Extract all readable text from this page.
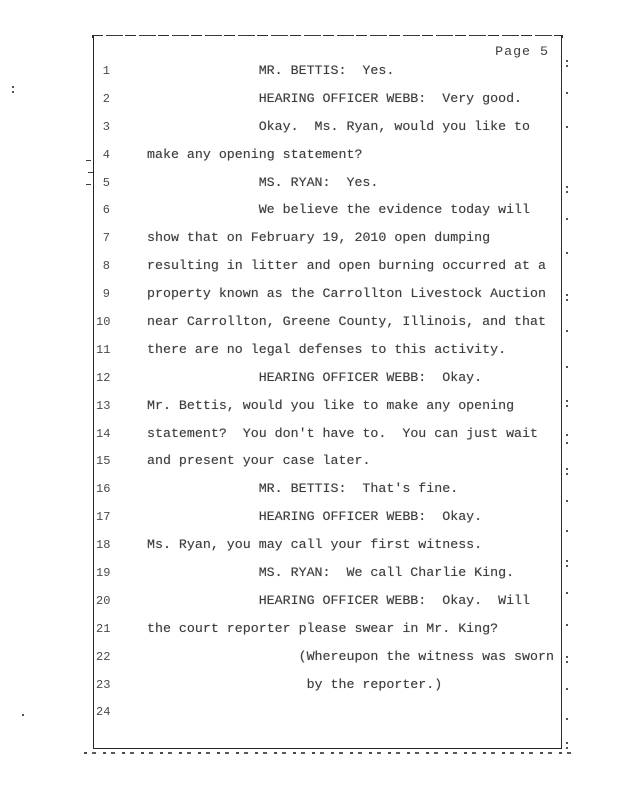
Page 5
1	MR. BETTIS:  Yes.
2	HEARING OFFICER WEBB:  Very good.
3	Okay.  Ms. Ryan, would you like to
4	make any opening statement?
5	MS. RYAN:  Yes.
6	We believe the evidence today will
7	show that on February 19, 2010 open dumping
8	resulting in litter and open burning occurred at a
9	property known as the Carrollton Livestock Auction
10	near Carrollton, Greene County, Illinois, and that
11	there are no legal defenses to this activity.
12	HEARING OFFICER WEBB:  Okay.
13	Mr. Bettis, would you like to make any opening
14	statement?  You don't have to.  You can just wait
15	and present your case later.
16	MR. BETTIS:  That's fine.
17	HEARING OFFICER WEBB:  Okay.
18	Ms. Ryan, you may call your first witness.
19	MS. RYAN:  We call Charlie King.
20	HEARING OFFICER WEBB:  Okay.  Will
21	the court reporter please swear in Mr. King?
22	(Whereupon the witness was sworn
23	by the reporter.)
24
